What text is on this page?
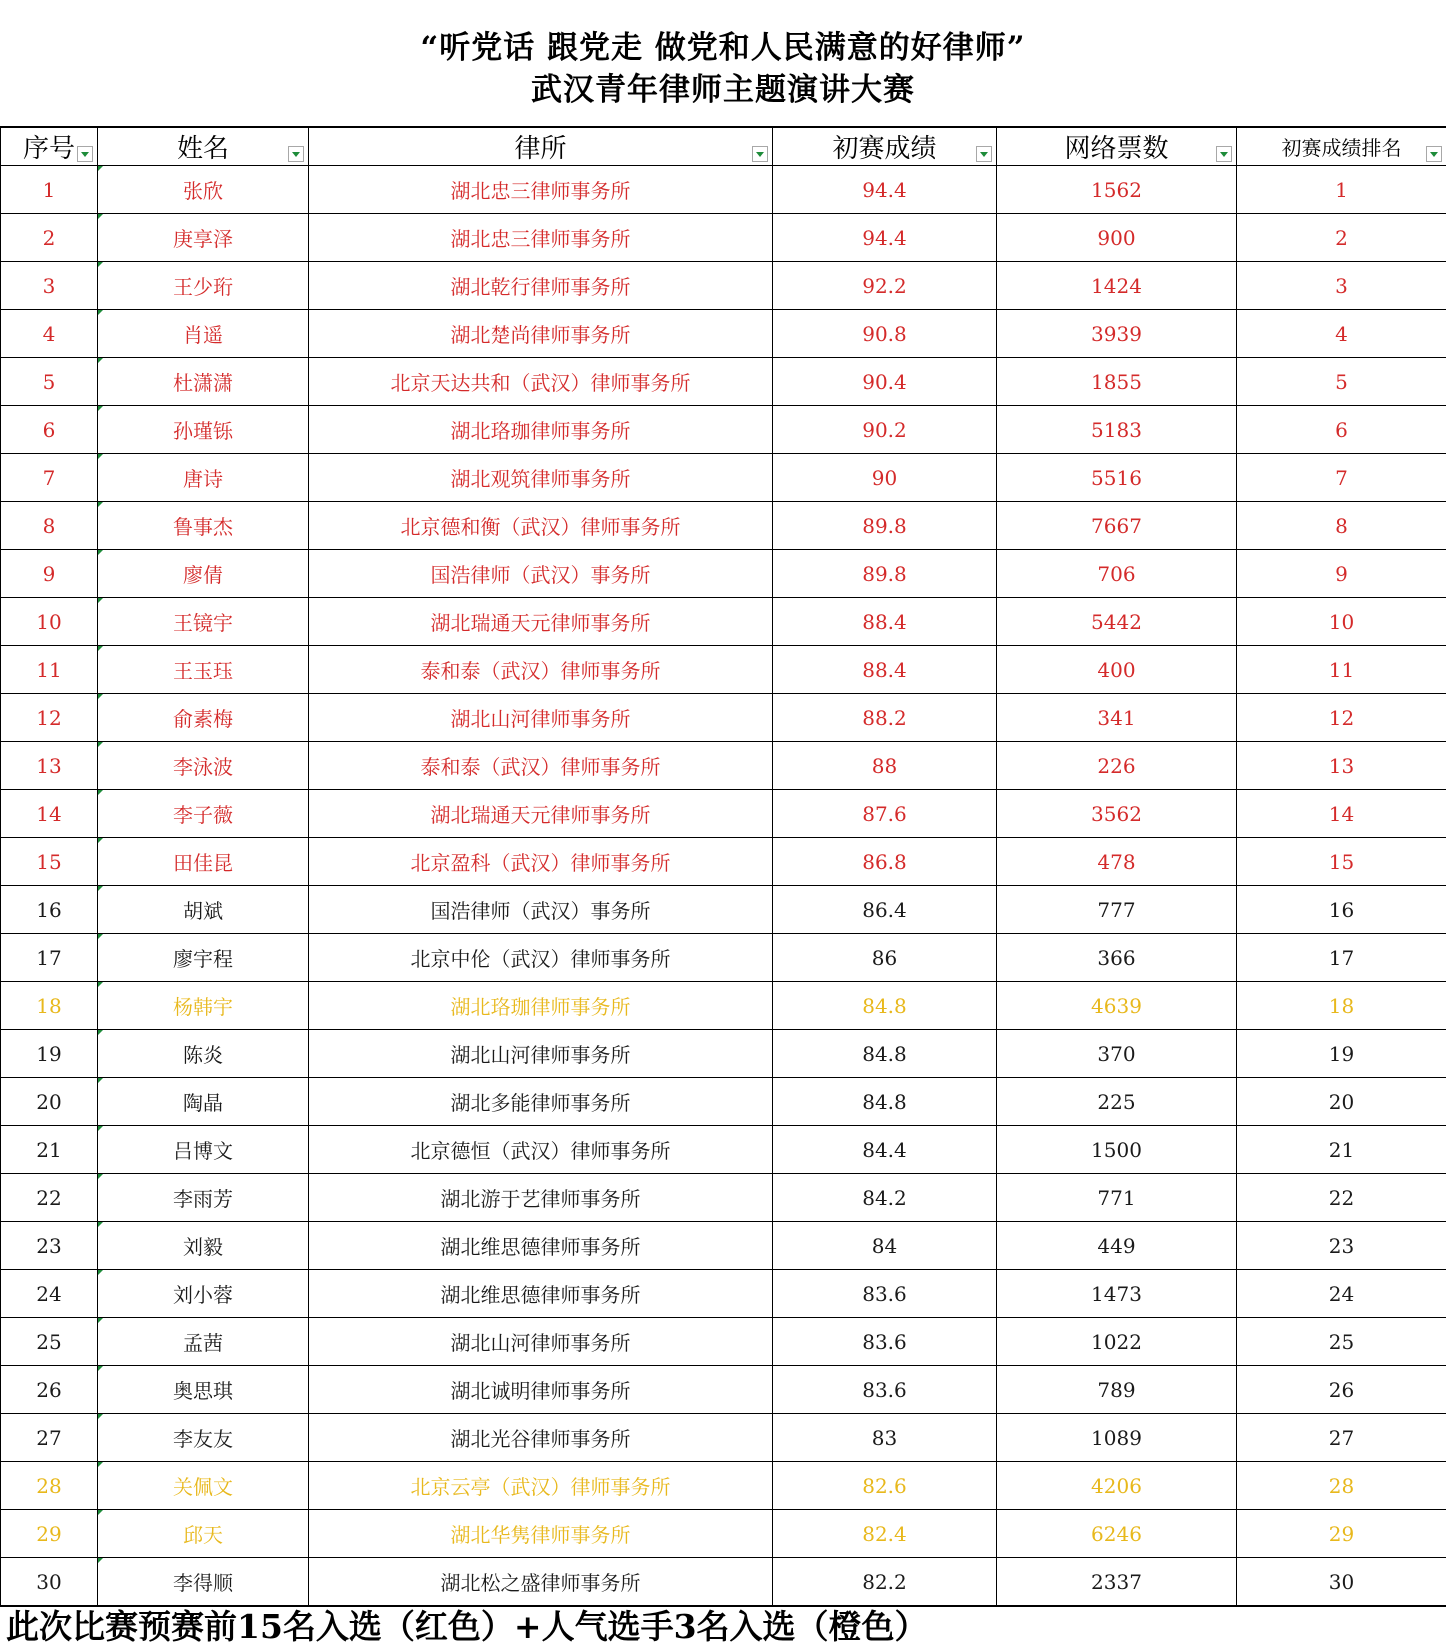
“听党话 跟党走 做党和人民满意的好律师”
武汉青年律师主题演讲大赛
序号	姓名	律所	初赛成绩	网络票数	初赛成绩排名

1	张欣	湖北忠三律师事务所	94.4	1562	1
2	庚享泽	湖北忠三律师事务所	94.4	900	2
3	王少珩	湖北乾行律师事务所	92.2	1424	3
4	肖遥	湖北楚尚律师事务所	90.8	3939	4
5	杜潇潇	北京天达共和（武汉）律师事务所	90.4	1855	5
6	孙瑾铄	湖北珞珈律师事务所	90.2	5183	6
7	唐诗	湖北观筑律师事务所	90	5516	7
8	鲁事杰	北京德和衡（武汉）律师事务所	89.8	7667	8
9	廖倩	国浩律师（武汉）事务所	89.8	706	9
10	王镜宇	湖北瑞通天元律师事务所	88.4	5442	10
11	王玉珏	泰和泰（武汉）律师事务所	88.4	400	11
12	俞素梅	湖北山河律师事务所	88.2	341	12
13	李泳波	泰和泰（武汉）律师事务所	88	226	13
14	李子薇	湖北瑞通天元律师事务所	87.6	3562	14
15	田佳昆	北京盈科（武汉）律师事务所	86.8	478	15
16	胡斌	国浩律师（武汉）事务所	86.4	777	16
17	廖宇程	北京中伦（武汉）律师事务所	86	366	17
18	杨韩宇	湖北珞珈律师事务所	84.8	4639	18
19	陈炎	湖北山河律师事务所	84.8	370	19
20	陶晶	湖北多能律师事务所	84.8	225	20
21	吕博文	北京德恒（武汉）律师事务所	84.4	1500	21
22	李雨芳	湖北游于艺律师事务所	84.2	771	22
23	刘毅	湖北维思德律师事务所	84	449	23
24	刘小蓉	湖北维思德律师事务所	83.6	1473	24
25	孟茜	湖北山河律师事务所	83.6	1022	25
26	奥思琪	湖北诚明律师事务所	83.6	789	26
27	李友友	湖北光谷律师事务所	83	1089	27
28	关佩文	北京云亭（武汉）律师事务所	82.6	4206	28
29	邱天	湖北华隽律师事务所	82.4	6246	29
30	李得顺	湖北松之盛律师事务所	82.2	2337	30
此次比赛预赛前15名入选（红色）+人气选手3名入选（橙色）
